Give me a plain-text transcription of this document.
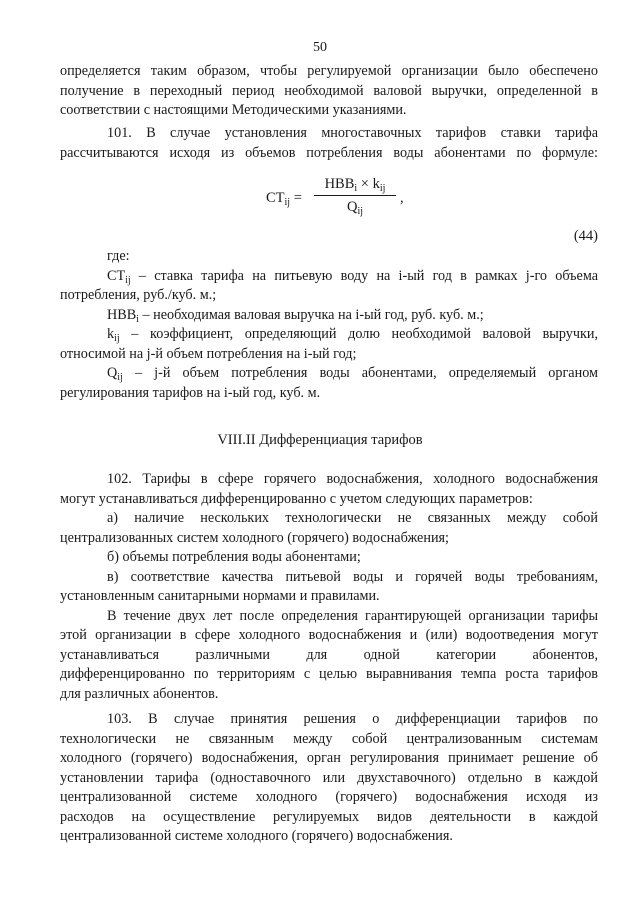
50
определяется таким образом, чтобы регулируемой организации было обеспечено
получение в переходный период необходимой валовой выручки, определенной в
соответствии с настоящими Методическими указаниями.
101. В случае установления многоставочных тарифов ставки тарифа
рассчитываются исходя из объемов потребления воды абонентами по формуле:
$СТ_{ij}$ =
$НВВ_i \times k_{ij}$
$Q_{ij}$
,
(44)
где:
$СТ_{ij}$ – ставка тарифа на питьевую воду на i-ый год в рамках j-го объема
потребления, руб./куб. м.;
$НВВ_i$ – необходимая валовая выручка на i-ый год, руб. куб. м.;
$k_{ij}$ – коэффициент, определяющий долю необходимой валовой выручки,
относимой на j-й объем потребления на i-ый год;
$Q_{ij} - j-й$ объем потребления воды абонентами, определяемый органом
регулирования тарифов на i-ый год, куб. м.
VIII.II Дифференциация тарифов
102. Тарифы в сфере горячего водоснабжения, холодного водоснабжения
могут устанавливаться дифференцированно с учетом следующих параметров:
а) наличие нескольких технологически не связанных между собой
централизованных систем холодного (горячего) водоснабжения;
б) объемы потребления воды абонентами;
в) соответствие качества питьевой воды и горячей воды требованиям,
установленным санитарными нормами и правилами.
В течение двух лет после определения гарантирующей организации тарифы
этой организации в сфере холодного водоснабжения и (или) водоотведения могут
устанавливаться различными для одной категории абонентов,
дифференцированно по территориям с целью выравнивания темпа роста тарифов
для различных абонентов.
103. В случае принятия решения о дифференциации тарифов по
технологически не связанным между собой централизованным системам
холодного (горячего) водоснабжения, орган регулирования принимает решение об
установлении тарифа (одноставочного или двухставочного) отдельно в каждой
централизованной системе холодного (горячего) водоснабжения исходя из
расходов на осуществление регулируемых видов деятельности в каждой
централизованной системе холодного (горячего) водоснабжения.
